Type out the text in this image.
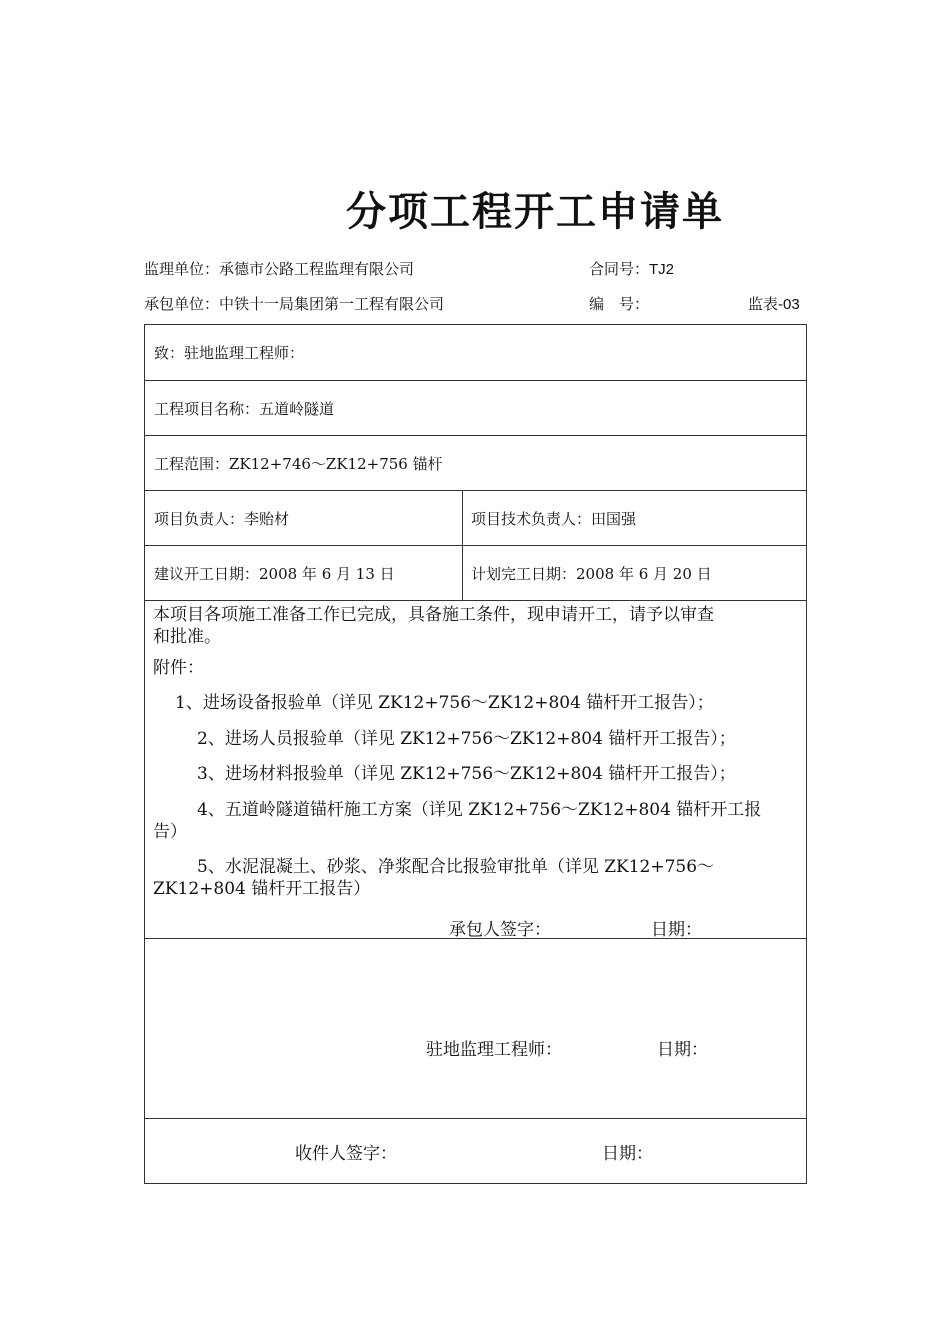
分项工程开工申请单
监理单位：承德市公路工程监理有限公司	合同号：TJ2
承包单位：中铁十一局集团第一工程有限公司	编　号：	监表-03
致：驻地监理工程师：
工程项目名称：五道岭隧道
工程范围：ZK12+746～ZK12+756 锚杆
项目负责人：李贻材	项目技术负责人：田国强
建议开工日期：2008 年 6 月 13 日	计划完工日期：2008 年 6 月 20 日
本项目各项施工准备工作已完成，具备施工条件，现申请开工，请予以审查
和批准。
附件：
1、进场设备报验单（详见 ZK12+756～ZK12+804 锚杆开工报告）；
2、进场人员报验单（详见 ZK12+756～ZK12+804 锚杆开工报告）；
3、进场材料报验单（详见 ZK12+756～ZK12+804 锚杆开工报告）；
4、五道岭隧道锚杆施工方案（详见 ZK12+756～ZK12+804 锚杆开工报
告）
5、水泥混凝土、砂浆、净浆配合比报验审批单（详见 ZK12+756～
ZK12+804 锚杆开工报告）
承包人签字：	日期：
驻地监理工程师：	日期：
收件人签字：	日期：
